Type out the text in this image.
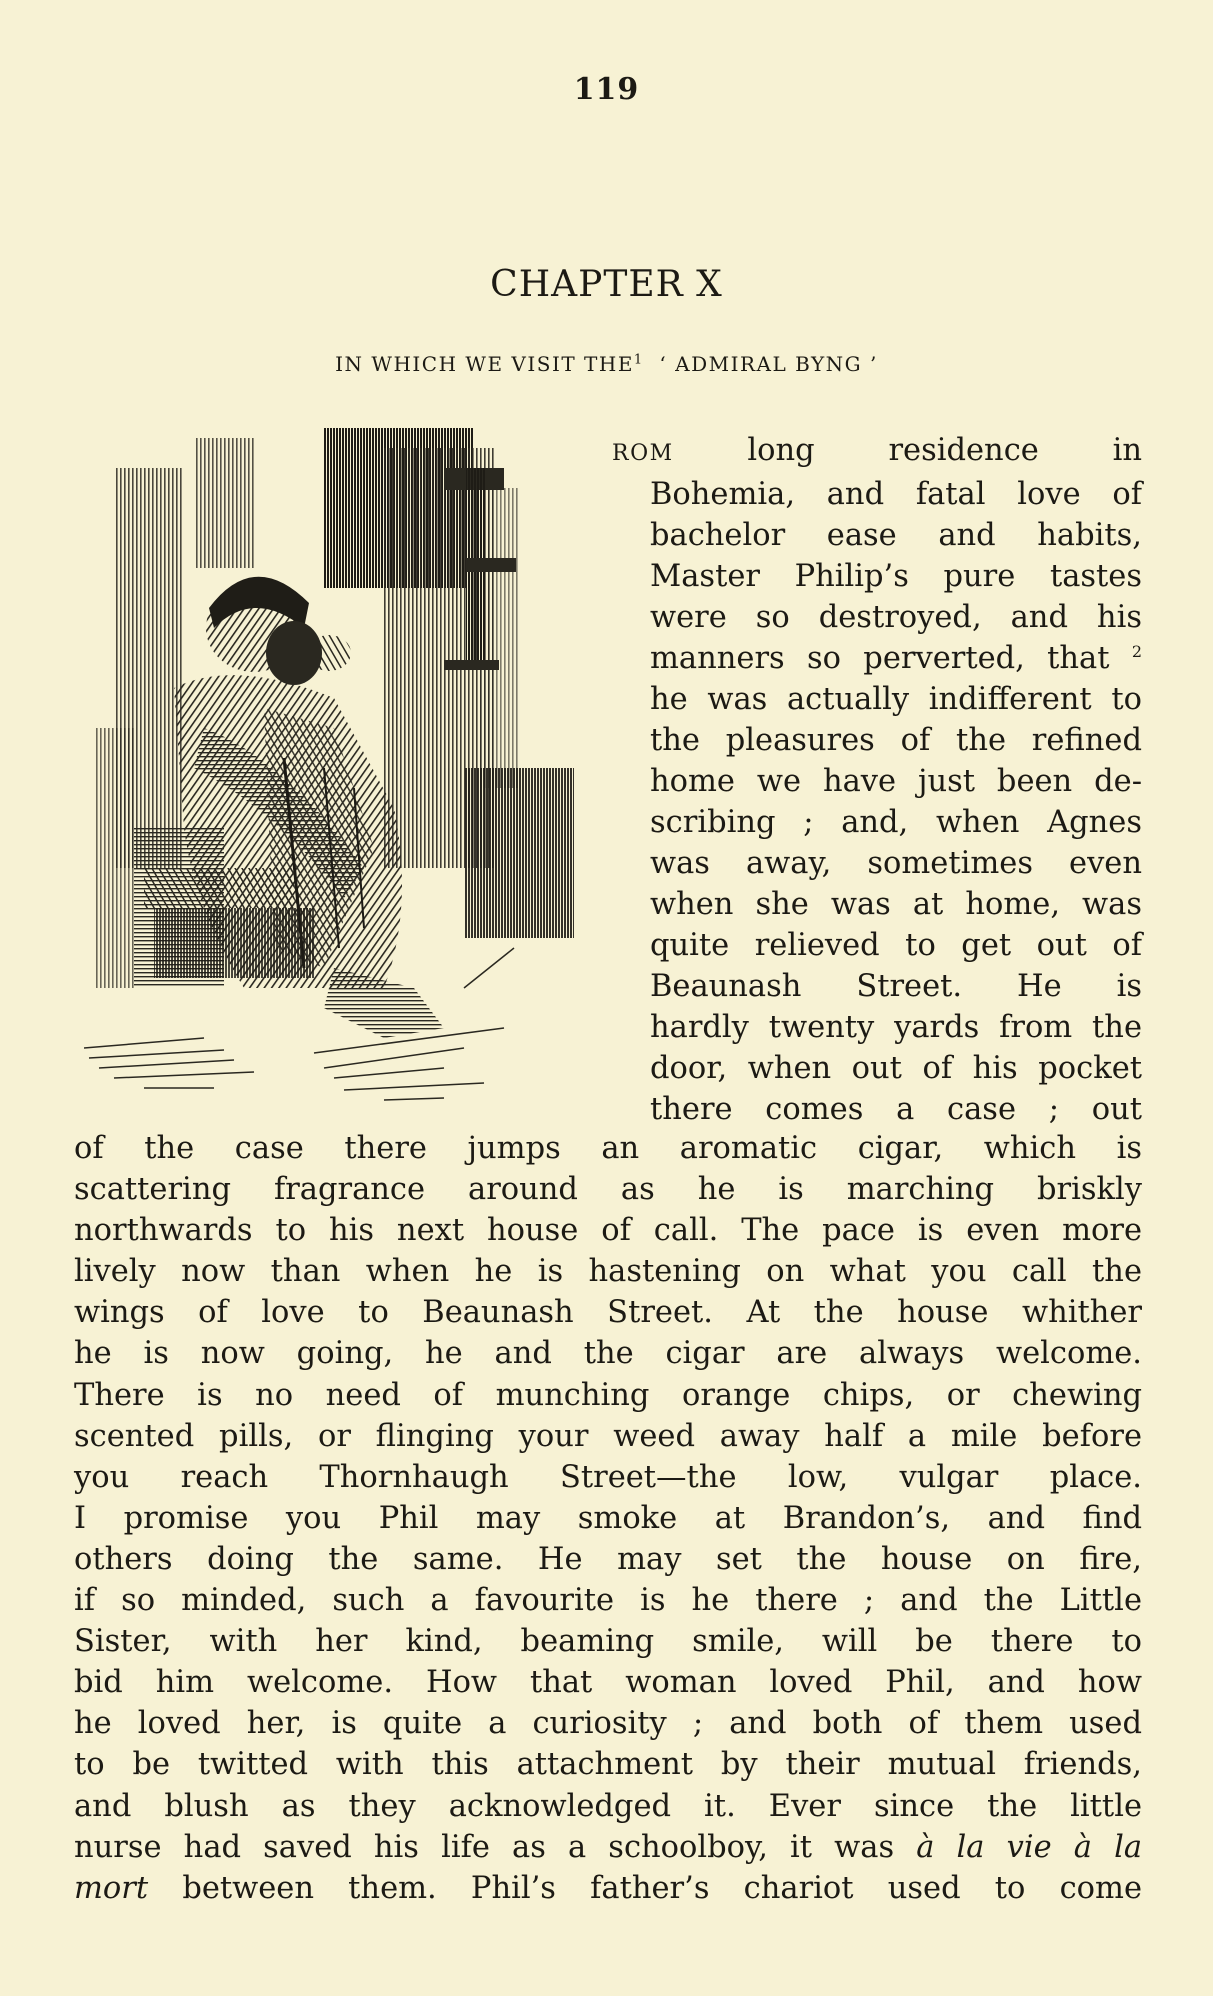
119
CHAPTER X
IN WHICH WE VISIT THE$^1$ ‘ ADMIRAL BYNG ’
ROM long residence in
Bohemia, and fatal love of
bachelor ease and habits,
Master Philip’s pure tastes
were so destroyed, and his
manners so perverted, that $^2$
he was actually indifferent to
the pleasures of the refined
home we have just been de-
scribing ; and, when Agnes
was away, sometimes even
when she was at home, was
quite relieved to get out of
Beaunash Street. He is
hardly twenty yards from the
door, when out of his pocket
there comes a case ; out
of the case there jumps an aromatic cigar, which is
scattering fragrance around as he is marching briskly
northwards to his next house of call. The pace is even more
lively now than when he is hastening on what you call the
wings of love to Beaunash Street. At the house whither
he is now going, he and the cigar are always welcome.
There is no need of munching orange chips, or chewing
scented pills, or flinging your weed away half a mile before
you reach Thornhaugh Street—the low, vulgar place.
I promise you Phil may smoke at Brandon’s, and find
others doing the same. He may set the house on fire,
if so minded, such a favourite is he there ; and the Little
Sister, with her kind, beaming smile, will be there to
bid him welcome. How that woman loved Phil, and how
he loved her, is quite a curiosity ; and both of them used
to be twitted with this attachment by their mutual friends,
and blush as they acknowledged it. Ever since the little
nurse had saved his life as a schoolboy, it was à la vie à la
mort between them. Phil’s father’s chariot used to come
